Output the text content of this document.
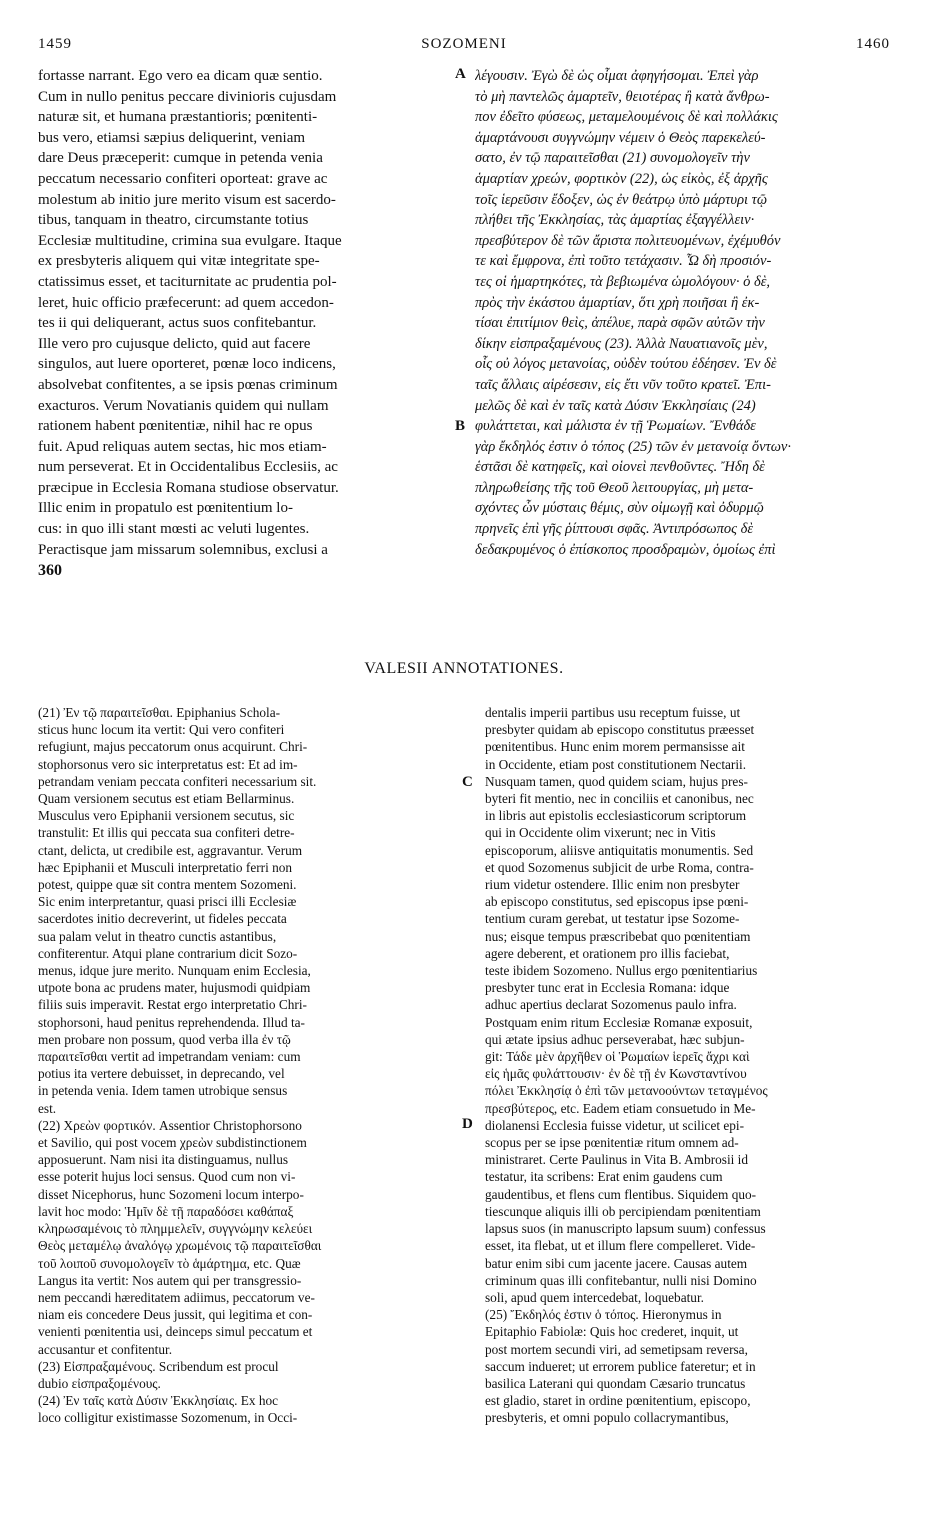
1459	SOZOMENI	1460
fortasse narrant. Ego vero ea dicam quæ sentio.
Cum in nullo penitus peccare divinioris cujusdam
naturæ sit, et humana præstantioris; pœnitenti-
bus vero, etiamsi sæpius deliquerint, veniam
dare Deus præceperit: cumque in petenda venia
peccatum necessario confiteri oporteat: grave ac
molestum ab initio jure merito visum est sacerdo-
tibus, tanquam in theatro, circumstante totius
Ecclesiæ multitudine, crimina sua evulgare. Itaque
ex presbyteris aliquem qui vitæ integritate spe-
ctatissimus esset, et taciturnitate ac prudentia pol-
leret, huic officio præfecerunt: ad quem accedon-
tes ii qui deliquerant, actus suos confitebantur.
Ille vero pro cujusque delicto, quid aut facere
singulos, aut luere oporteret, pœnæ loco indicens,
absolvebat confitentes, a se ipsis pœnas criminum
exacturos. Verum Novatianis quidem qui nullam
rationem habent pœnitentiæ, nihil hac re opus
fuit. Apud reliquas autem sectas, hic mos etiam-
num perseverat. Et in Occidentalibus Ecclesiis, ac
præcipue in Ecclesia Romana studiose observatur.
Illic enim in propatulo est pœnitentium lo-
cus: in quo illi stant mœsti ac veluti lugentes.
Peractisque jam missarum solemnibus, exclusi a
λέγουσιν. Ἐγὼ δὲ ὡς οἶμαι ἀφηγήσομαι. Ἐπεὶ γὰρ
τὸ μὴ παντελῶς ἁμαρτεῖν, θειοτέρας ἢ κατὰ ἄνθρω-
πον ἐδεῖτο φύσεως, μεταμελουμένοις δὲ καὶ πολλάκις
ἁμαρτάνουσι συγγνώμην νέμειν ὁ Θεὸς παρεκελεύ-
σατο, ἐν τῷ παραιτεῖσθαι (21) συνομολογεῖν τὴν
ἁμαρτίαν χρεών, φορτικὸν (22), ὡς εἰκὸς, ἐξ ἀρχῆς
τοῖς ἱερεῦσιν ἔδοξεν, ὡς ἐν θεάτρῳ ὑπὸ μάρτυρι τῷ
πλήθει τῆς Ἐκκλησίας, τὰς ἁμαρτίας ἐξαγγέλλειν·
πρεσβύτερον δὲ τῶν ἄριστα πολιτευομένων, ἐχέμυθόν
τε καὶ ἔμφρονα, ἐπὶ τοῦτο τετάχασιν. Ὧ δὴ προσιόν-
τες οἱ ἡμαρτηκότες, τὰ βεβιωμένα ὡμολόγουν· ὁ δὲ,
πρὸς τὴν ἑκάστου ἁμαρτίαν, ὅτι χρὴ ποιῆσαι ἢ ἐκ-
τίσαι ἐπιτίμιον θεὶς, ἀπέλυε, παρὰ σφῶν αὐτῶν τὴν
δίκην εἰσπραξαμένους (23). Ἀλλὰ Ναυατιανοῖς μὲν,
οἷς οὐ λόγος μετανοίας, οὐδὲν τούτου ἐδέησεν. Ἐν δὲ
ταῖς ἄλλαις αἱρέσεσιν, εἰς ἔτι νῦν τοῦτο κρατεῖ. Ἐπι-
μελῶς δὲ καὶ ἐν ταῖς κατὰ Δύσιν Ἐκκλησίαις (24)
φυλάττεται, καὶ μάλιστα ἐν τῇ Ῥωμαίων. Ἔνθάδε
γὰρ ἔκδηλός ἐστιν ὁ τόπος (25) τῶν ἐν μετανοίᾳ ὄντων·
ἑστᾶσι δὲ κατηφεῖς, καὶ οἱονεὶ πενθοῦντες. Ἤδη δὲ
πληρωθείσης τῆς τοῦ Θεοῦ λειτουργίας, μὴ μετα-
σχόντες ὧν μύσταις θέμις, σὺν οἰμωγῇ καὶ ὀδυρμῷ
πρηνεῖς ἐπὶ γῆς ῥίπτουσι σφᾶς. Ἀντιπρόσωπος δὲ
δεδακρυμένος ὁ ἐπίσκοπος προσδραμὼν, ὁμοίως ἐπὶ
A
B
360
VALESII ANNOTATIONES.
(21) Ἐν τῷ παραιτεῖσθαι. Epiphanius Schola-
sticus hunc locum ita vertit: Qui vero confiteri
refugiunt, majus peccatorum onus acquirunt. Chri-
stophorsonus vero sic interpretatus est: Et ad im-
petrandam veniam peccata confiteri necessarium sit.
Quam versionem secutus est etiam Bellarminus.
Musculus vero Epiphanii versionem secutus, sic
transtulit: Et illis qui peccata sua confiteri detre-
ctant, delicta, ut credibile est, aggravantur. Verum
hæc Epiphanii et Musculi interpretatio ferri non
potest, quippe quæ sit contra mentem Sozomeni.
Sic enim interpretantur, quasi prisci illi Ecclesiæ
sacerdotes initio decreverint, ut fideles peccata
sua palam velut in theatro cunctis astantibus,
confiterentur. Atqui plane contrarium dicit Sozo-
menus, idque jure merito. Nunquam enim Ecclesia,
utpote bona ac prudens mater, hujusmodi quidpiam
filiis suis imperavit. Restat ergo interpretatio Chri-
stophorsoni, haud penitus reprehendenda. Illud ta-
men probare non possum, quod verba illa ἐν τῷ
παραιτεῖσθαι vertit ad impetrandam veniam: cum
potius ita vertere debuisset, in deprecando, vel
in petenda venia. Idem tamen utrobique sensus
est.
(22) Χρεὼν φορτικόν. Assentior Christophorsono
et Savilio, qui post vocem χρεὼν subdistinctionem
apposuerunt. Nam nisi ita distinguamus, nullus
esse poterit hujus loci sensus. Quod cum non vi-
disset Nicephorus, hunc Sozomeni locum interpo-
lavit hoc modo: Ἡμῖν δὲ τῇ παραδόσει καθάπαξ
κληρωσαμένοις τὸ πλημμελεῖν, συγγνώμην κελεύει
Θεὸς μεταμέλῳ ἀναλόγῳ χρωμένοις τῷ παραιτεῖσθαι
τοῦ λοιποῦ συνομολογεῖν τὸ ἁμάρτημα, etc. Quæ
Langus ita vertit: Nos autem qui per transgressio-
nem peccandi hæreditatem adiimus, peccatorum ve-
niam eis concedere Deus jussit, qui legitima et con-
venienti pœnitentia usi, deinceps simul peccatum et
accusantur et confitentur.
(23) Εἰσπραξαμένους. Scribendum est procul
dubio εἰσπραξομένους.
(24) Ἐν ταῖς κατὰ Δύσιν Ἐκκλησίαις. Ex hoc
loco colligitur existimasse Sozomenum, in Occi-
dentalis imperii partibus usu receptum fuisse, ut
presbyter quidam ab episcopo constitutus præesset
pœnitentibus. Hunc enim morem permansisse ait
in Occidente, etiam post constitutionem Nectarii.
Nusquam tamen, quod quidem sciam, hujus pres-
byteri fit mentio, nec in conciliis et canonibus, nec
in libris aut epistolis ecclesiasticorum scriptorum
qui in Occidente olim vixerunt; nec in Vitis
episcoporum, aliisve antiquitatis monumentis. Sed
et quod Sozomenus subjicit de urbe Roma, contra-
rium videtur ostendere. Illic enim non presbyter
ab episcopo constitutus, sed episcopus ipse pœni-
tentium curam gerebat, ut testatur ipse Sozome-
nus; eisque tempus præscribebat quo pœnitentiam
agere deberent, et orationem pro illis faciebat,
teste ibidem Sozomeno. Nullus ergo pœnitentiarius
presbyter tunc erat in Ecclesia Romana: idque
adhuc apertius declarat Sozomenus paulo infra.
Postquam enim ritum Ecclesiæ Romanæ exposuit,
qui ætate ipsius adhuc perseverabat, hæc subjun-
git: Τάδε μὲν ἀρχῆθεν οἱ Ῥωμαίων ἱερεῖς ἄχρι καὶ
εἰς ἡμᾶς φυλάττουσιν· ἐν δὲ τῇ ἐν Κωνσταντίνου
πόλει Ἐκκλησίᾳ ὁ ἐπὶ τῶν μετανοούντων τεταγμένος
πρεσβύτερος, etc. Eadem etiam consuetudo in Me-
diolanensi Ecclesia fuisse videtur, ut scilicet epi-
scopus per se ipse pœnitentiæ ritum omnem ad-
ministraret. Certe Paulinus in Vita B. Ambrosii id
testatur, ita scribens: Erat enim gaudens cum
gaudentibus, et flens cum flentibus. Siquidem quo-
tiescunque aliquis illi ob percipiendam pœnitentiam
lapsus suos (in manuscripto lapsum suum) confessus
esset, ita flebat, ut et illum flere compelleret. Vide-
batur enim sibi cum jacente jacere. Causas autem
criminum quas illi confitebantur, nulli nisi Domino
soli, apud quem intercedebat, loquebatur.
(25) Ἔκδηλός ἐστιν ὁ τόπος. Hieronymus in
Epitaphio Fabiolæ: Quis hoc crederet, inquit, ut
post mortem secundi viri, ad semetipsam reversa,
saccum indueret; ut errorem publice fateretur; et in
basilica Laterani qui quondam Cæsario truncatus
est gladio, staret in ordine pœnitentium, episcopo,
presbyteris, et omni populo collacrymantibus,
C
D
